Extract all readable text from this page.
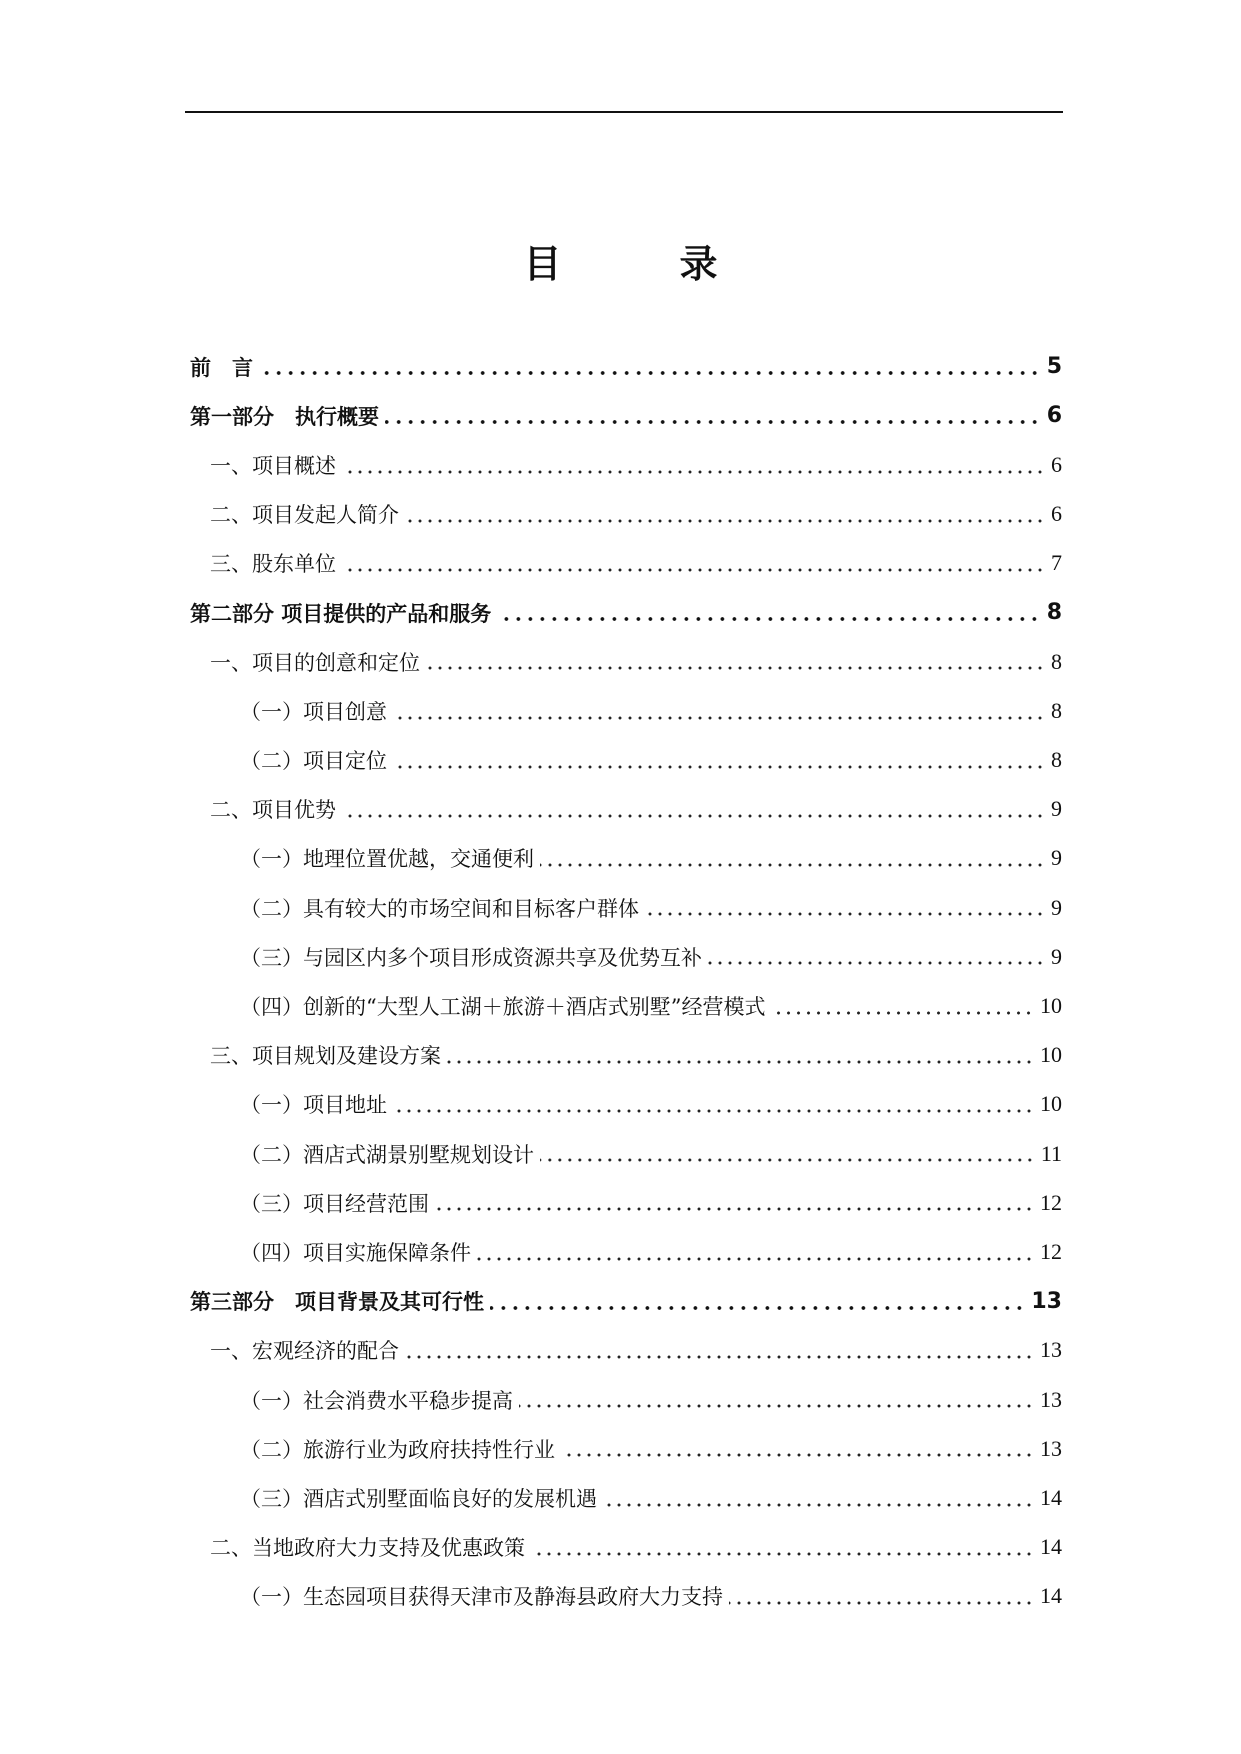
目　录
前　言	5
第一部分　执行概要	6
一、项目概述	6
二、项目发起人简介	6
三、股东单位	7
第二部分 项目提供的产品和服务	8
一、项目的创意和定位	8
（一）项目创意	8
（二）项目定位	8
二、项目优势	9
（一）地理位置优越，交通便利	9
（二）具有较大的市场空间和目标客户群体	9
（三）与园区内多个项目形成资源共享及优势互补	9
（四）创新的“大型人工湖＋旅游＋酒店式别墅”经营模式	10
三、项目规划及建设方案	10
（一）项目地址	10
（二）酒店式湖景别墅规划设计	11
（三）项目经营范围	12
（四）项目实施保障条件	12
第三部分　项目背景及其可行性	13
一、宏观经济的配合	13
（一）社会消费水平稳步提高	13
（二）旅游行业为政府扶持性行业	13
（三）酒店式别墅面临良好的发展机遇	14
二、当地政府大力支持及优惠政策	14
（一）生态园项目获得天津市及静海县政府大力支持	14
